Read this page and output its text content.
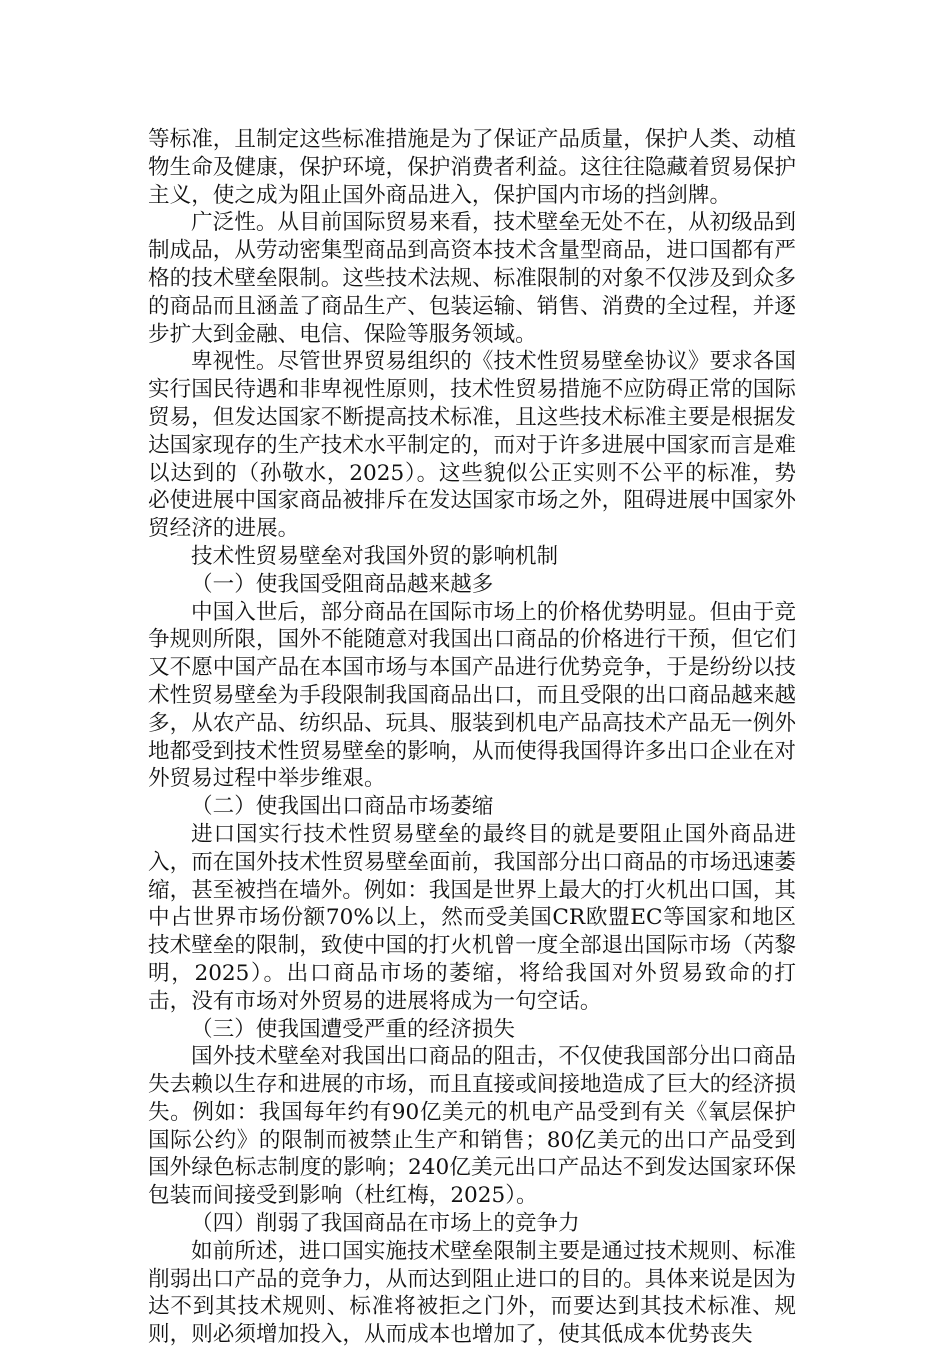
等标准，且制定这些标准措施是为了保证产品质量，保护人类、动植物生命及健康，保护环境，保护消费者利益。这往往隐藏着贸易保护主义，使之成为阻止国外商品进入，保护国内市场的挡剑牌。

广泛性。从目前国际贸易来看，技术壁垒无处不在，从初级品到制成品，从劳动密集型商品到高资本技术含量型商品，进口国都有严格的技术壁垒限制。这些技术法规、标准限制的对象不仅涉及到众多的商品而且涵盖了商品生产、包装运输、销售、消费的全过程，并逐步扩大到金融、电信、保险等服务领域。

卑视性。尽管世界贸易组织的《技术性贸易壁垒协议》要求各国实行国民待遇和非卑视性原则，技术性贸易措施不应防碍正常的国际贸易，但发达国家不断提高技术标准，且这些技术标准主要是根据发达国家现存的生产技术水平制定的，而对于许多进展中国家而言是难以达到的（孙敬水，2025）。这些貌似公正实则不公平的标准，势必使进展中国家商品被排斥在发达国家市场之外，阻碍进展中国家外贸经济的进展。

技术性贸易壁垒对我国外贸的影响机制
（一）使我国受阻商品越来越多

中国入世后，部分商品在国际市场上的价格优势明显。但由于竞争规则所限，国外不能随意对我国出口商品的价格进行干预，但它们又不愿中国产品在本国市场与本国产品进行优势竞争，于是纷纷以技术性贸易壁垒为手段限制我国商品出口，而且受限的出口商品越来越多，从农产品、纺织品、玩具、服装到机电产品高技术产品无一例外地都受到技术性贸易壁垒的影响，从而使得我国得许多出口企业在对外贸易过程中举步维艰。

（二）使我国出口商品市场萎缩

进口国实行技术性贸易壁垒的最终目的就是要阻止国外商品进入，而在国外技术性贸易壁垒面前，我国部分出口商品的市场迅速萎缩，甚至被挡在墙外。例如：我国是世界上最大的打火机出口国，其中占世界市场份额70%以上，然而受美国CR欧盟EC等国家和地区技术壁垒的限制，致使中国的打火机曾一度全部退出国际市场（芮黎明，2025）。出口商品市场的萎缩，将给我国对外贸易致命的打击，没有市场对外贸易的进展将成为一句空话。

（三）使我国遭受严重的经济损失

国外技术壁垒对我国出口商品的阻击，不仅使我国部分出口商品失去赖以生存和进展的市场，而且直接或间接地造成了巨大的经济损失。例如：我国每年约有90亿美元的机电产品受到有关《氧层保护国际公约》的限制而被禁止生产和销售；80亿美元的出口产品受到国外绿色标志制度的影响；240亿美元出口产品达不到发达国家环保包装而间接受到影响（杜红梅，2025）。

（四）削弱了我国商品在市场上的竞争力

如前所述，进口国实施技术壁垒限制主要是通过技术规则、标准削弱出口产品的竞争力，从而达到阻止进口的目的。具体来说是因为达不到其技术规则、标准将被拒之门外，而要达到其技术标准、规则，则必须增加投入，从而成本也增加了，使其低成本优势丧失
